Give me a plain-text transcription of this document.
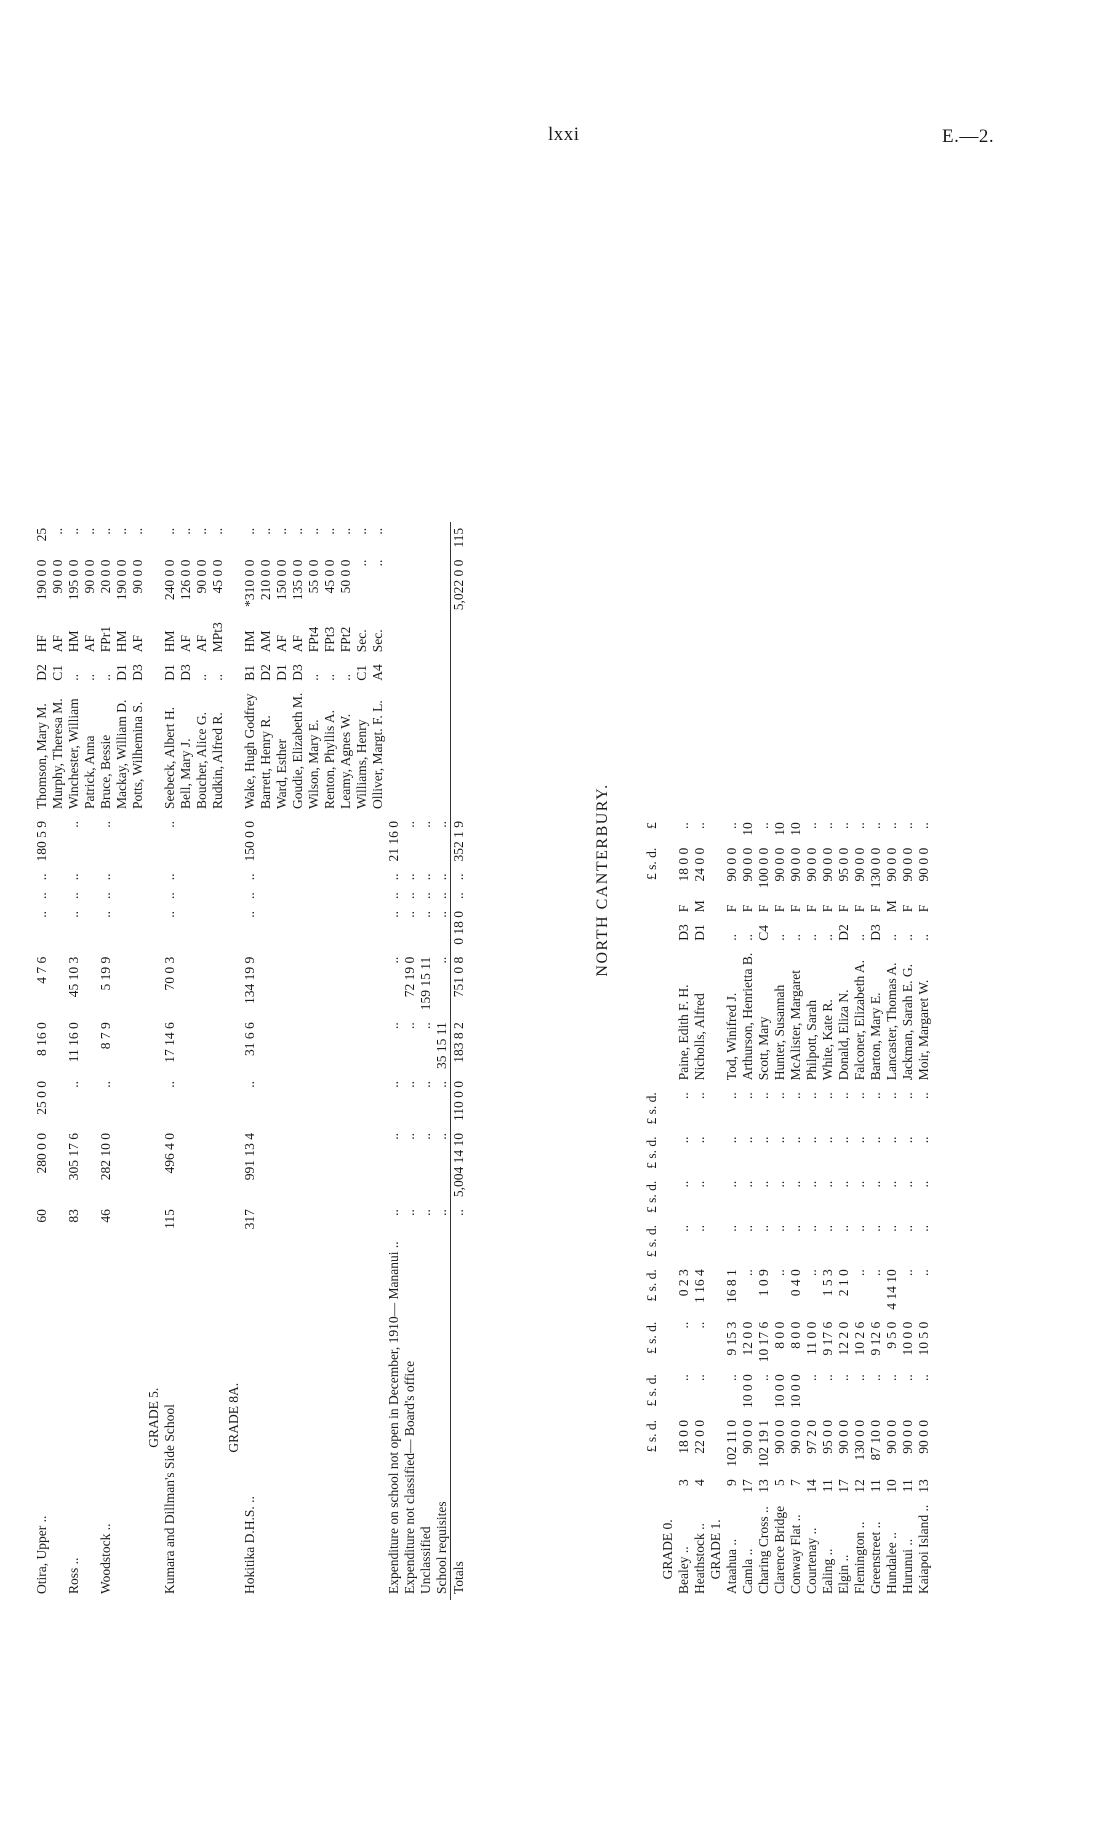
lxxi	E.—2.
Otira, Upper ..	60	280 0 0	25 0 0	8 16 0	4 7 6	..	..	..	180 5 9	Thomson, Mary M.	D2	HF	190 0 0	25
										Murphy, Theresa M.	C1	AF	90 0 0	..
Ross ..	83	305 17 6	..	11 16 0	45 10 3	..	..	..	..	Winchester, William	..	HM	195 0 0	..
										Patrick, Anna	..	AF	90 0 0	..
Woodstock ..	46	282 10 0	..	8 7 9	5 19 9	..	..	..	..	Bruce, Bessie	..	FPr1	20 0 0	..
										Mackay, William D.	D1	HM	190 0 0	..
										Potts, Wilhemina S.	D3	AF	90 0 0	..
GRADE 5.														
Kumara and Dillman's Side School	115	496 4 0	..	17 14 6	70 0 3	..	..	..	..	Seebeck, Albert H.	D1	HM	240 0 0	..
										Bell, Mary J.	D3	AF	126 0 0	..
										Boucher, Alice G.	..	AF	90 0 0	..
										Rudkin, Alfred R.	..	MPt3	45 0 0	..
GRADE 8A.														
Hokitika D.H.S. ..	317	991 13 4	..	31 6 6	134 19 9	..	..	..	150 0 0	Wake, Hugh Godfrey	B1	HM	*310 0 0	..
										Barrett, Henry R.	D2	AM	210 0 0	..
										Ward, Esther	D1	AF	150 0 0	..
										Goudie, Elizabeth M.	D3	AF	135 0 0	..
										Wilson, Mary E.	..	FPt4	55 0 0	..
										Renton, Phyllis A.	..	FPt3	45 0 0	..
										Leamy, Agnes W.	..	FPt2	50 0 0	..
										Williams, Henry	C1	Sec.	..	..
										Olliver, Margt. F. L.	A4	Sec.	..	..
Expenditure on school not open in December, 1910— Mananui ..	..	..	..	..	..	..	..	..	21 16 0					
Expenditure not classified— Board's office	..	..	..	..	72 19 0	..	..	..	..					
Unclassified	..	..	..	..	159 15 11	..	..	..	..					
School requisites	..	..	..	35 15 11	..	..	..	..	..					
Totals	..	5,004 14 10	110 0 0	183 8 2	751 0 8	0 18 0	..	..	352 1 9				5,022 0 0	115
NORTH CANTERBURY.
		£ s. d.	£ s. d.	£ s. d.	£ s. d.	£ s. d.	£ s. d.	£ s. d.	£ s. d.				£ s. d.	£
GRADE 0.														
Bealey ..	3	18 0 0	..	..	0 2 3	..	..	..	..	Paine, Edith F. H.	D3	F	18 0 0	..
Heathstock ..	4	22 0 0	..	..	1 16 4	..	..	..	..	Nicholls, Alfred	D1	M	24 0 0	..
GRADE 1.														
Ataahua ..	9	102 11 0	..	9 15 3	16 8 1	..	..	..	..	Tod, Winifred J.	..	F	90 0 0	..
Camla ..	17	90 0 0	10 0 0	12 0 0	..	..	..	..	..	Arthurson, Henrietta B.	..	F	90 0 0	10
Charing Cross ..	13	102 19 1	..	10 17 6	1 0 9	..	..	..	..	Scott, Mary	C4	F	100 0 0	..
Clarence Bridge	5	90 0 0	10 0 0	8 0 0	..	..	..	..	..	Hunter, Susannah	..	F	90 0 0	10
Conway Flat ..	7	90 0 0	10 0 0	8 0 0	0 4 0	..	..	..	..	McAlister, Margaret	..	F	90 0 0	10
Courtenay ..	14	97 2 0	..	11 0 0	..	..	..	..	..	Philpott, Sarah	..	F	90 0 0	..
Ealing ..	11	95 0 0	..	9 17 6	1 5 3	..	..	..	..	White, Kate R.	..	F	90 0 0	..
Elgin ..	17	90 0 0	..	12 2 0	2 1 0	..	..	..	..	Donald, Eliza N.	D2	F	95 0 0	..
Flemington ..	12	130 0 0	..	10 2 6	..	..	..	..	..	Falconer, Elizabeth A.	..	F	90 0 0	..
Greenstreet ..	11	87 10 0	..	9 12 6	..	..	..	..	..	Barton, Mary E.	D3	F	130 0 0	..
Hundalee ..	10	90 0 0	..	9 5 0	4 14 10	..	..	..	..	Lancaster, Thomas A.	..	M	90 0 0	..
Hurunui ..	11	90 0 0	..	10 0 0	..	..	..	..	..	Jackman, Sarah E. G.	..	F	90 0 0	..
Kaiapoi Island ..	13	90 0 0	..	10 5 0	..	..	..	..	..	Moir, Margaret W.	..	F	90 0 0	..
